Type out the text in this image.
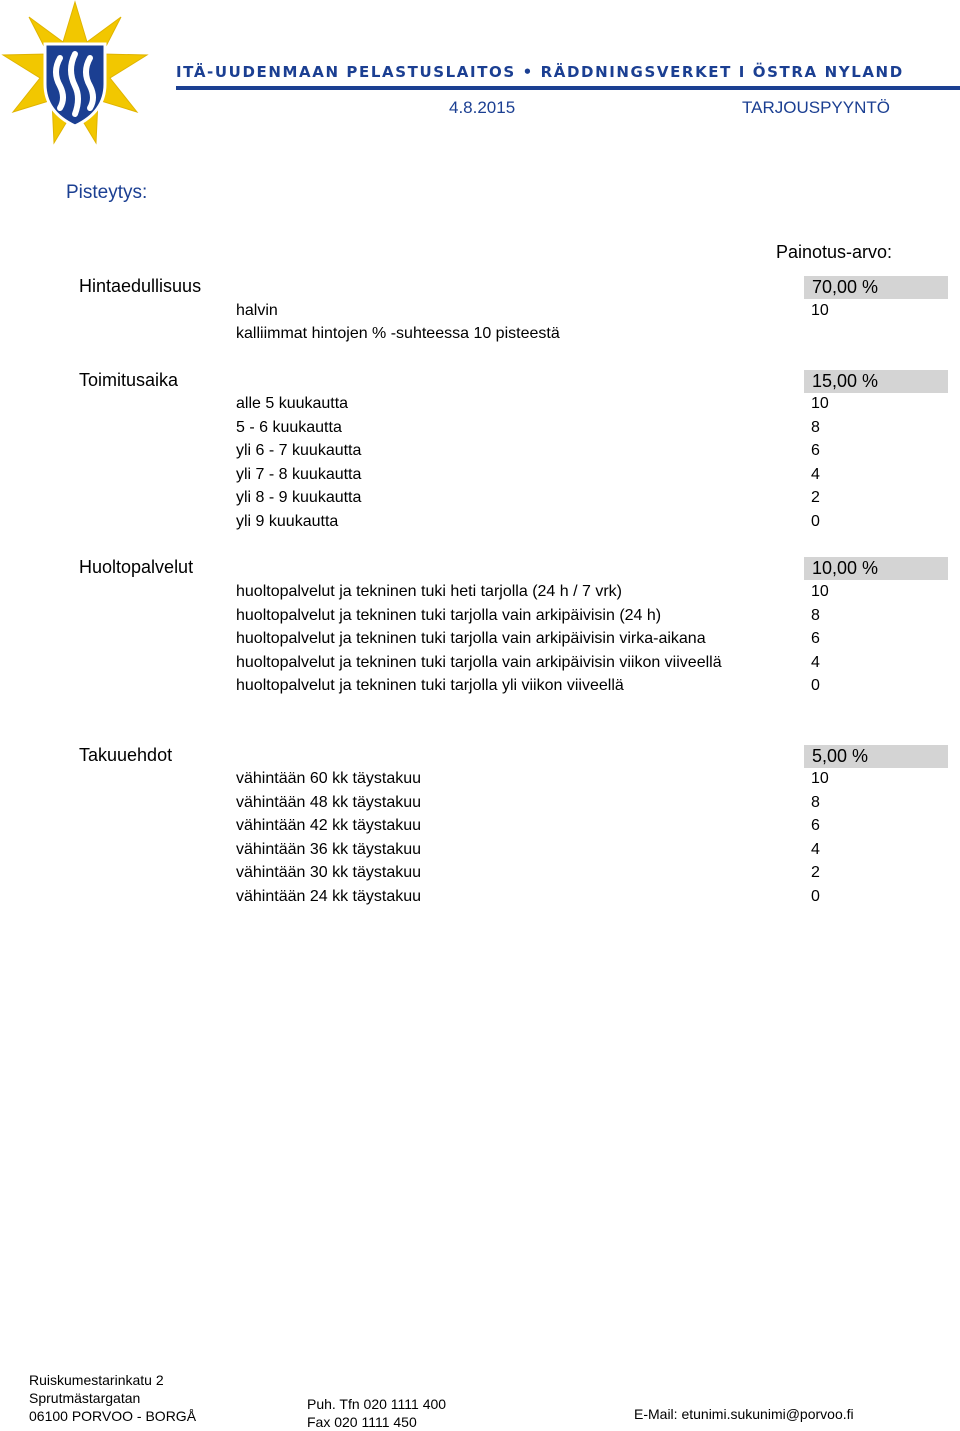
ITÄ-UUDENMAAN PELASTUSLAITOS • RÄDDNINGSVERKET I ÖSTRA NYLAND
4.8.2015	TARJOUSPYYNTÖ
Pisteytys:
Painotus-arvo:
Hintaedullisuus	70,00 %
halvin	10
kalliimmat hintojen % -suhteessa 10 pisteestä
Toimitusaika	15,00 %
alle 5 kuukautta	10
5 - 6 kuukautta	8
yli 6 - 7 kuukautta	6
yli 7 - 8 kuukautta	4
yli 8 - 9 kuukautta	2
yli 9 kuukautta	0
Huoltopalvelut	10,00 %
huoltopalvelut ja tekninen tuki heti tarjolla (24 h / 7 vrk)	10
huoltopalvelut ja tekninen tuki tarjolla vain arkipäivisin (24 h)	8
huoltopalvelut ja tekninen tuki tarjolla vain arkipäivisin virka-aikana	6
huoltopalvelut ja tekninen tuki tarjolla vain arkipäivisin viikon viiveellä	4
huoltopalvelut ja tekninen tuki tarjolla yli viikon viiveellä	0
Takuuehdot	5,00 %
vähintään 60 kk täystakuu	10
vähintään 48 kk täystakuu	8
vähintään 42 kk täystakuu	6
vähintään 36 kk täystakuu	4
vähintään 30 kk täystakuu	2
vähintään 24 kk täystakuu	0
Ruiskumestarinkatu 2
Sprutmästargatan
06100 PORVOO - BORGÅ
Puh. Tfn 020 1111 400
Fax 020 1111 450	E-Mail: etunimi.sukunimi@porvoo.fi
